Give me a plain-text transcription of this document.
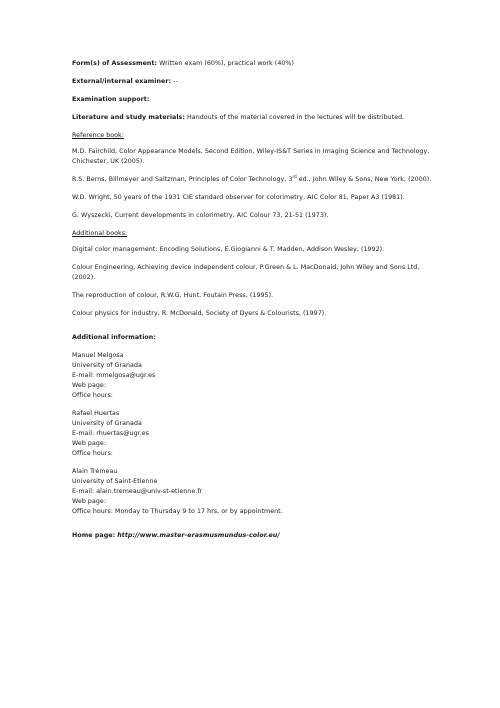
Form(s) of Assessment: Written exam (60%), practical work (40%)

External/internal examiner: --

Examination support:

Literature and study materials: Handouts of the material covered in the lectures will be distributed.

Reference book:

M.D. Fairchild, Color Appearance Models, Second Edition, Wiley-IS&T Series in Imaging Science and Technology, Chichester, UK (2005).

R.S. Berns, Billmeyer and Saltzman, Principles of Color Technology, 3rd ed., John Wiley & Sons, New York, (2000).

W.D. Wright, 50 years of the 1931 CIE standard observer for colorimetry, AIC Color 81, Paper A3 (1981).

G. Wyszecki, Current developments in colorimetry, AIC Colour 73, 21-51 (1973).

Additional books:

Digital color management: Encoding Solutions, E.Giogianni & T. Madden, Addison Wesley, (1992).

Colour Engineering, Achieving device independent colour, P.Green & L. MacDonald, John Wiley and Sons Ltd, (2002).

The reproduction of colour, R.W.G. Hunt, Foutain Press, (1995).

Colour physics for industry, R. McDonald, Society of Dyers & Colourists, (1997).

Additional information:

Manuel Melgosa
University of Granada
E-mail: mmelgosa@ugr.es
Web page:
Office hours:
Rafael Huertas
University of Granada
E-mail: rhuertas@ugr.es
Web page:
Office hours:
Alain Trémeau
University of Saint-Etienne
E-mail: alain.tremeau@univ-st-etienne.fr
Web page:
Office hours: Monday to Thursday 9 to 17 hrs, or by appointment.

Home page: http://www.master-erasmusmundus-color.eu/
